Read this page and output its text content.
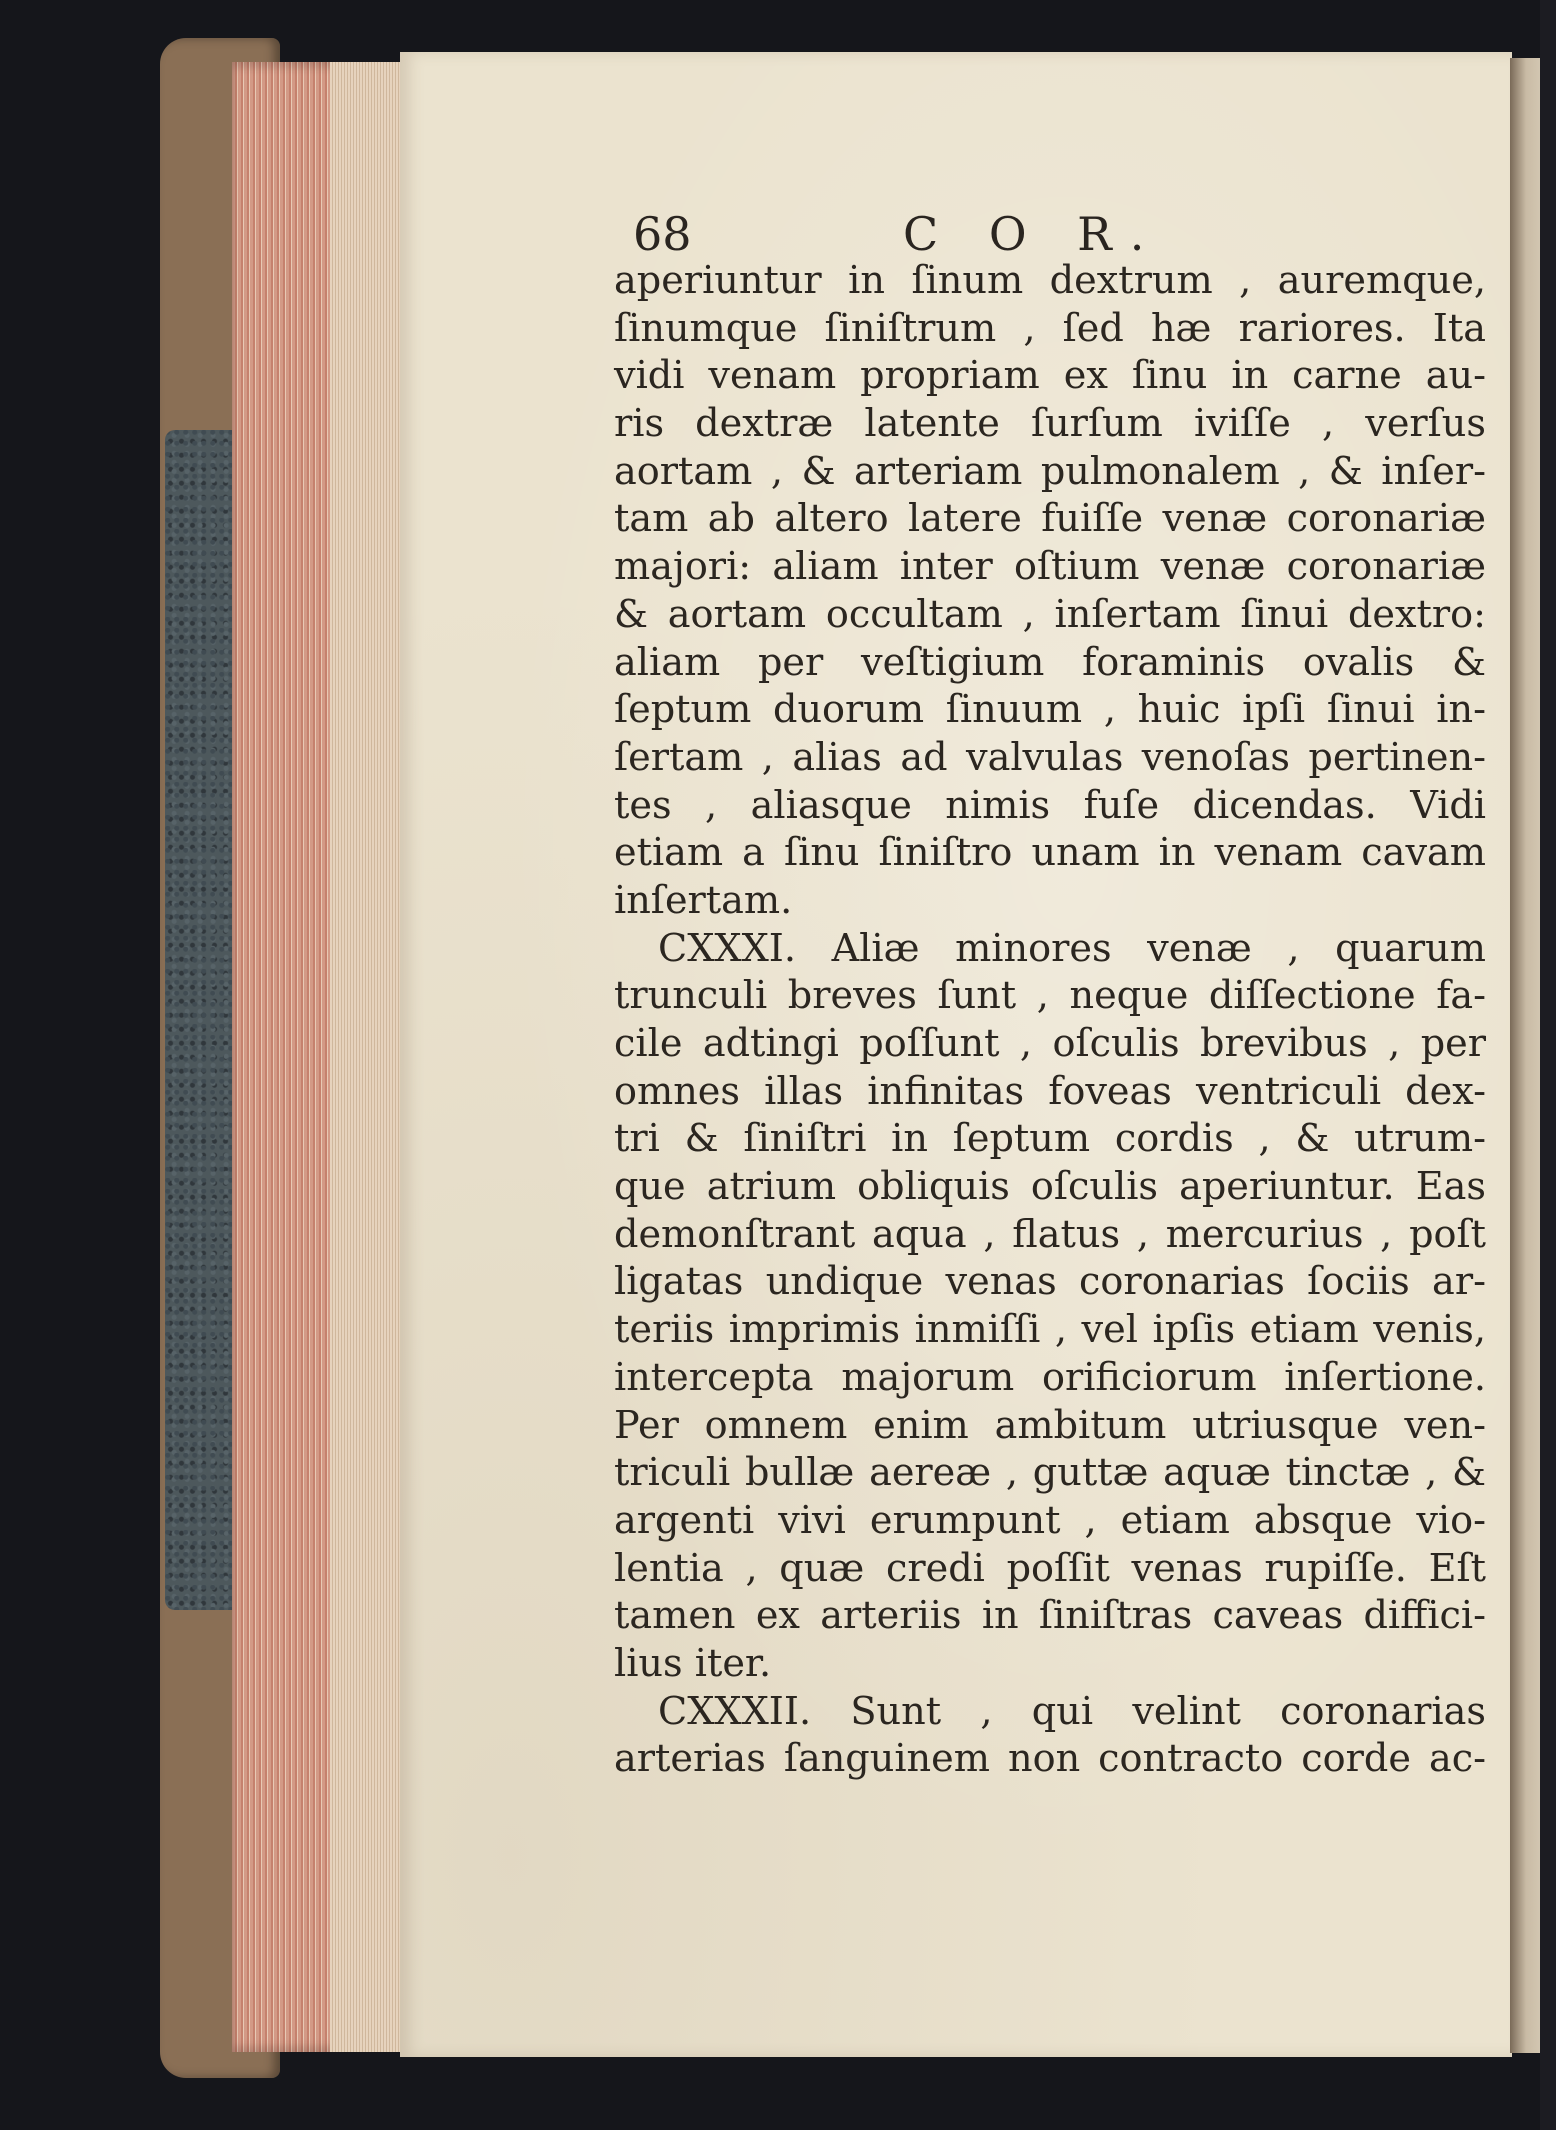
68

	C O R.

aperiuntur in ſinum dextrum , auremque,
ſinumque ſiniſtrum , ſed hæ rariores. Ita
vidi venam propriam ex ſinu in carne au-
ris dextræ latente ſurſum iviſſe , verſus
aortam , & arteriam pulmonalem , & inſer-
tam ab altero latere fuiſſe venæ coronariæ
majori: aliam inter oſtium venæ coronariæ
& aortam occultam , inſertam ſinui dextro:
aliam per veſtigium foraminis ovalis &
ſeptum duorum ſinuum , huic ipſi ſinui in-
ſertam , alias ad valvulas venoſas pertinen-
tes , aliasque nimis fuſe dicendas. Vidi
etiam a ſinu ſiniſtro unam in venam cavam
inſertam.
CXXXI. Aliæ minores venæ , quarum
trunculi breves ſunt , neque diſſectione fa-
cile adtingi poſſunt , oſculis brevibus , per
omnes illas infinitas foveas ventriculi dex-
tri & ſiniſtri in ſeptum cordis , & utrum-
que atrium obliquis oſculis aperiuntur. Eas
demonſtrant aqua , flatus , mercurius , poſt
ligatas undique venas coronarias ſociis ar-
teriis imprimis inmiſſi , vel ipſis etiam venis,
intercepta majorum orificiorum inſertione.
Per omnem enim ambitum utriusque ven-
triculi bullæ aereæ , guttæ aquæ tinctæ , &
argenti vivi erumpunt , etiam absque vio-
lentia , quæ credi poſſit venas rupiſſe. Eſt
tamen ex arteriis in ſiniſtras caveas diffici-
lius iter.
CXXXII. Sunt , qui velint coronarias
arterias ſanguinem non contracto corde ac-
